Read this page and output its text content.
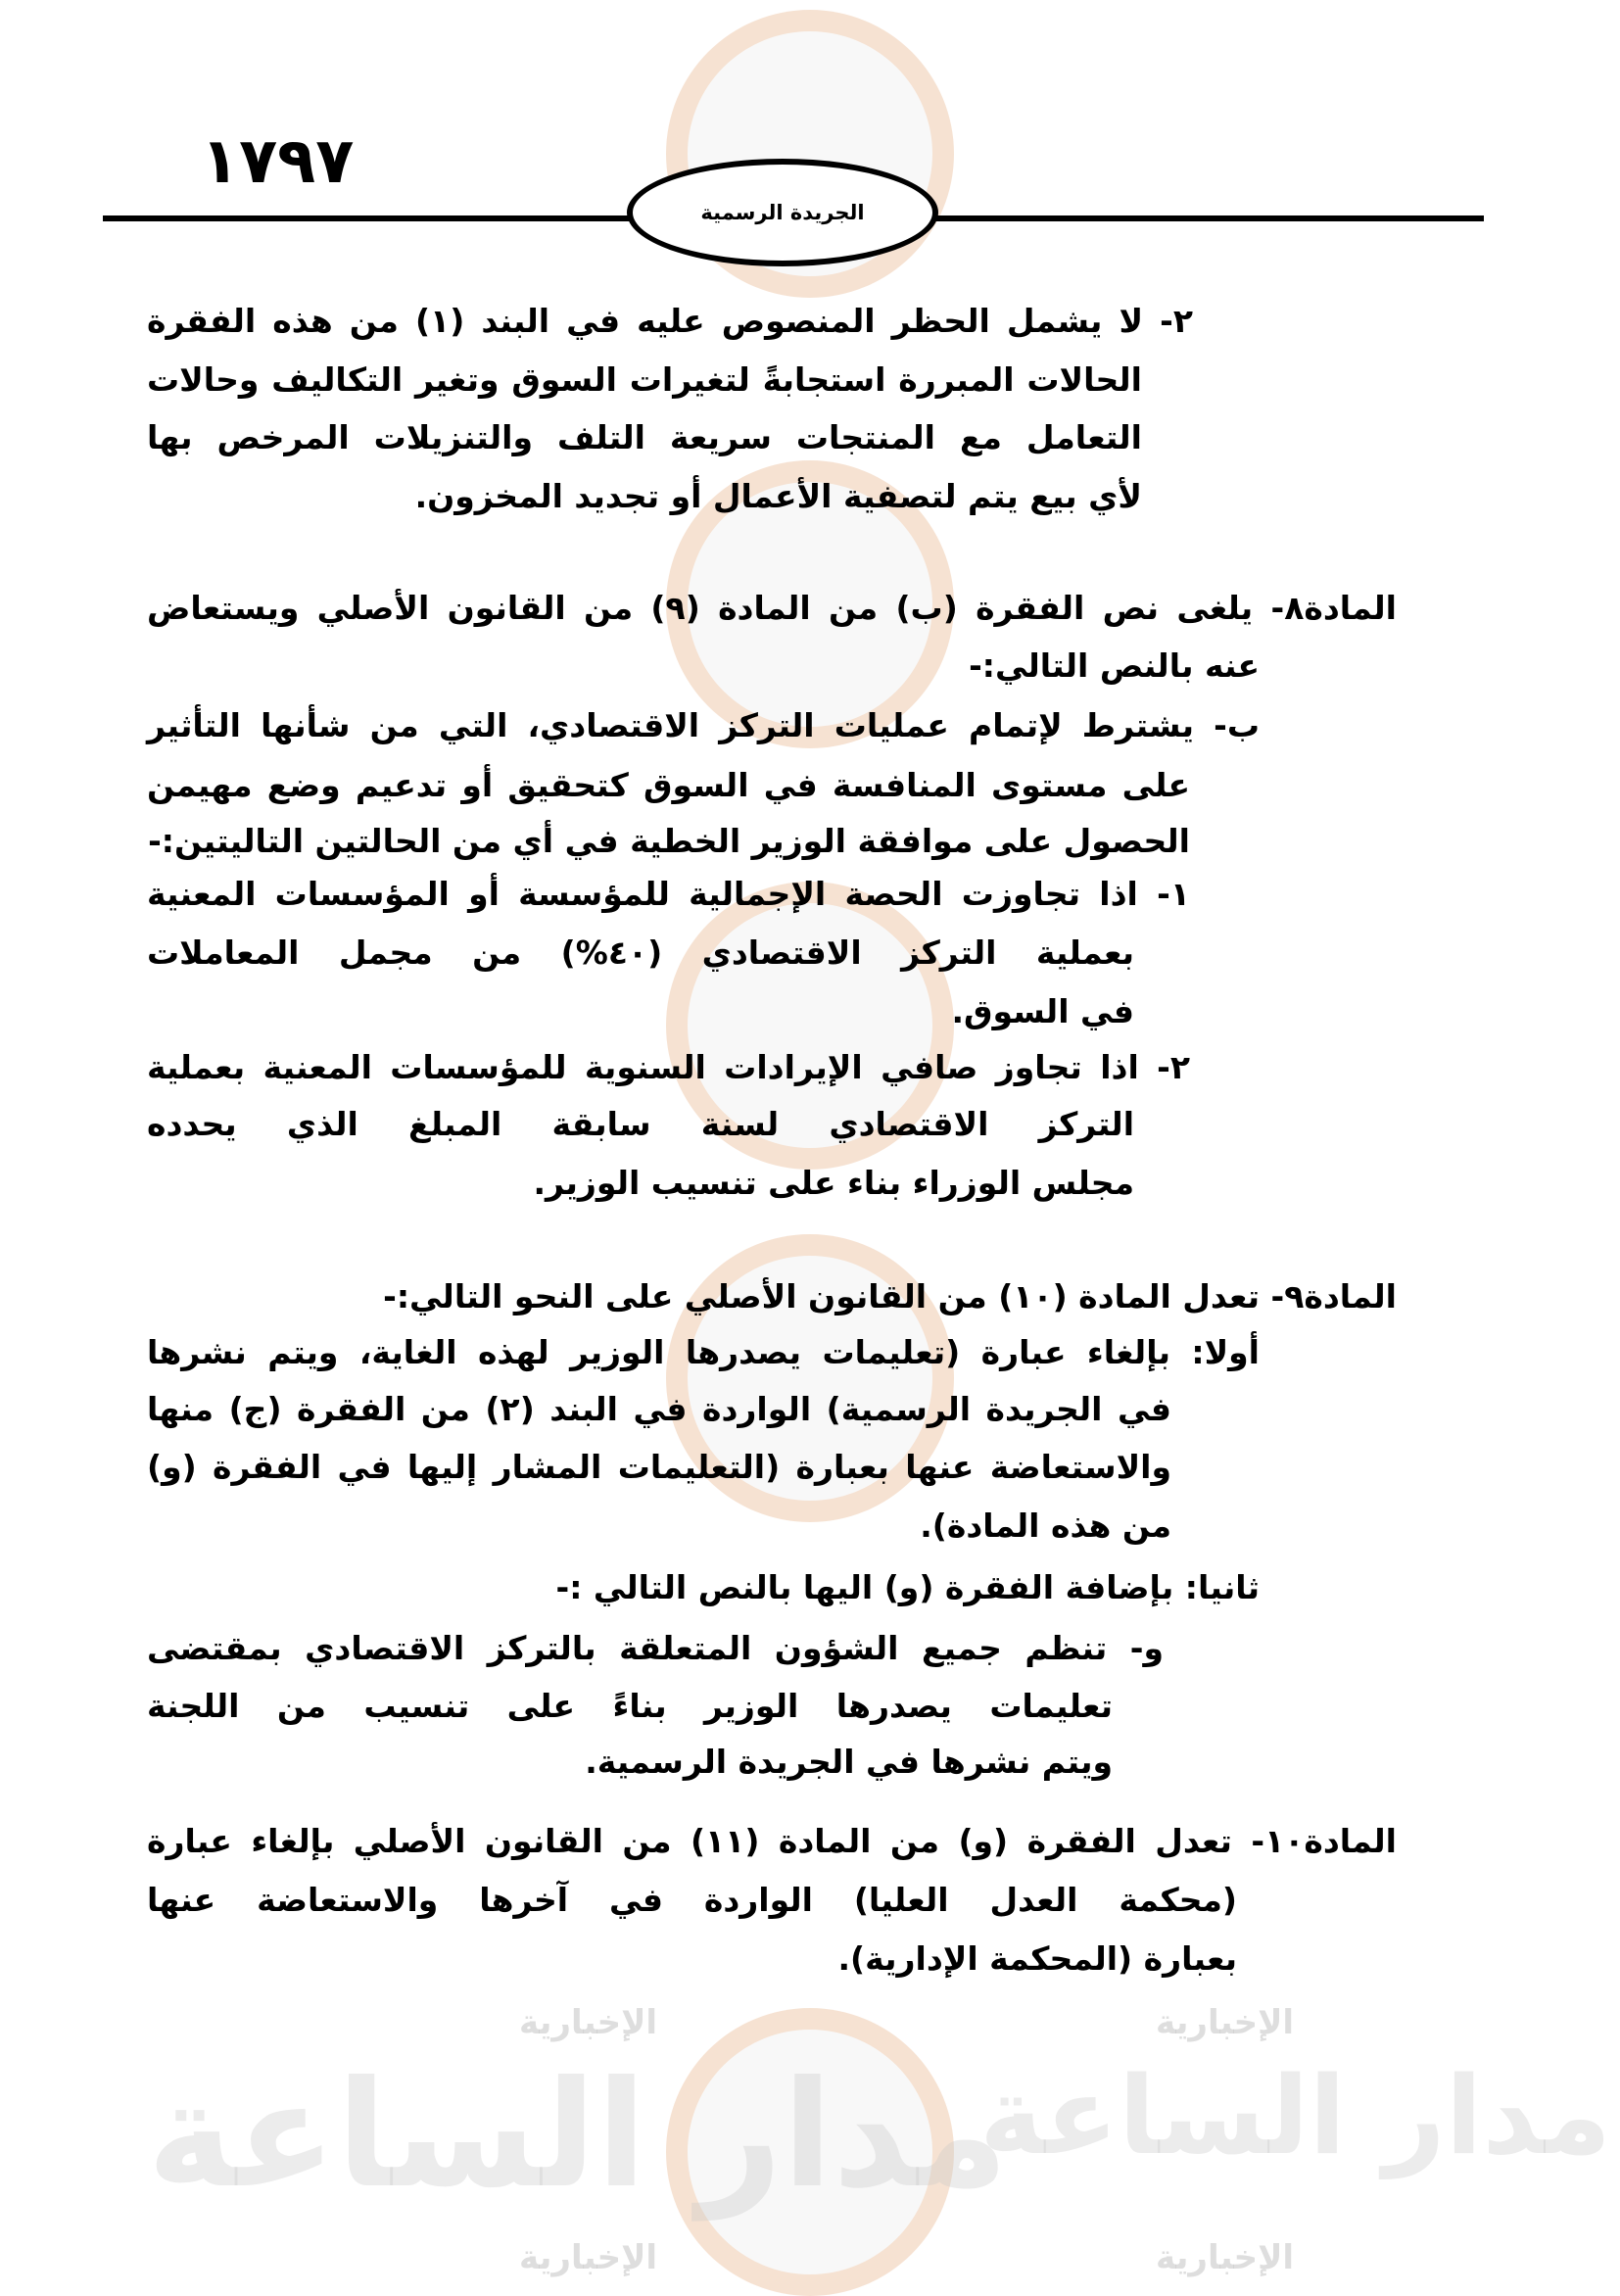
الإخبارية	الإخبارية
مدار الساعة
مدار الساعة
الإخبارية	الإخبارية
١٧٩٧
الجريدة الرسمية
٢- لا يشمل الحظر المنصوص عليه في البند (١) من هذه الفقرة
الحالات المبررة استجابةً لتغيرات السوق وتغير التكاليف وحالات
التعامل مع المنتجات سريعة التلف والتنزيلات المرخص بها
لأي بيع يتم لتصفية الأعمال أو تجديد المخزون.
المادة٨- يلغى نص الفقرة (ب) من المادة (٩) من القانون الأصلي ويستعاض
عنه بالنص التالي:-
ب- يشترط لإتمام عمليات التركز الاقتصادي، التي من شأنها التأثير
على مستوى المنافسة في السوق كتحقيق أو تدعيم وضع مهيمن
الحصول على موافقة الوزير الخطية في أي من الحالتين التاليتين:-
١- اذا تجاوزت الحصة الإجمالية للمؤسسة أو المؤسسات المعنية
بعملية التركز الاقتصادي (٤٠%) من مجمل المعاملات
في السوق.
٢- اذا تجاوز صافي الإيرادات السنوية للمؤسسات المعنية بعملية
التركز الاقتصادي لسنة سابقة المبلغ الذي يحدده
مجلس الوزراء بناء على تنسيب الوزير.
المادة٩- تعدل المادة (١٠) من القانون الأصلي على النحو التالي:-
أولا: بإلغاء عبارة (تعليمات يصدرها الوزير لهذه الغاية، ويتم نشرها
في الجريدة الرسمية) الواردة في البند (٢) من الفقرة (ج) منها
والاستعاضة عنها بعبارة (التعليمات المشار إليها في الفقرة (و)
من هذه المادة).
ثانيا: بإضافة الفقرة (و) اليها بالنص التالي :-
و- تنظم جميع الشؤون المتعلقة بالتركز الاقتصادي بمقتضى
تعليمات يصدرها الوزير بناءً على تنسيب من اللجنة
ويتم نشرها في الجريدة الرسمية.
المادة١٠- تعدل الفقرة (و) من المادة (١١) من القانون الأصلي بإلغاء عبارة
(محكمة العدل العليا) الواردة في آخرها والاستعاضة عنها
بعبارة (المحكمة الإدارية).
